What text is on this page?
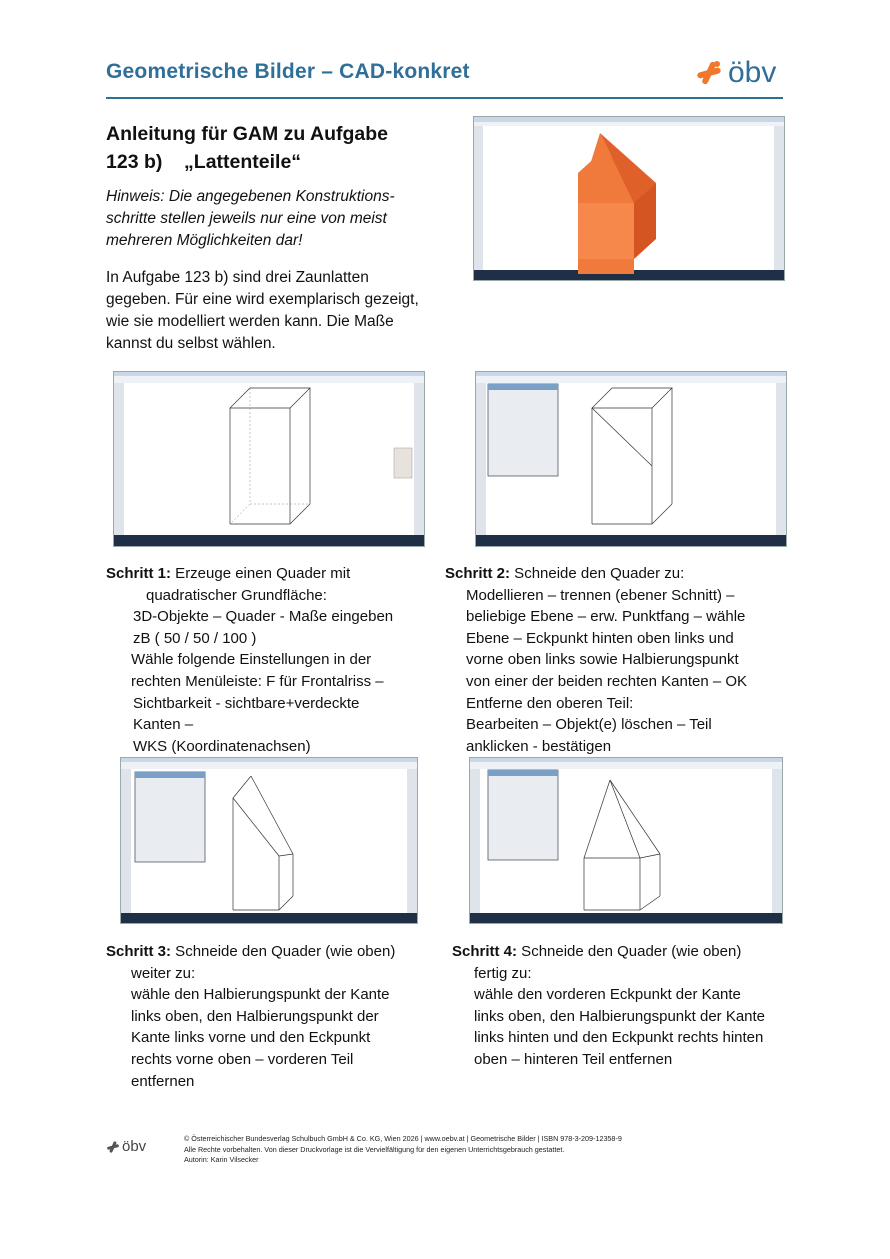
Geometrische Bilder – CAD-konkret	öbv
Anleitung für GAM zu Aufgabe
123 b)    „Lattenteile“
Hinweis: Die angegebenen Konstruktions-
schritte stellen jeweils nur eine von meist
mehreren Möglichkeiten dar!
In Aufgabe 123 b) sind drei Zaunlatten
gegeben. Für eine wird exemplarisch gezeigt,
wie sie modelliert werden kann. Die Maße
kannst du selbst wählen.
Schritt 1: Erzeuge einen Quader mit
quadratischer Grundfläche:
3D-Objekte – Quader - Maße eingeben
zB ( 50 / 50 / 100 )
Wähle folgende Einstellungen in der
rechten Menüleiste: F für Frontalriss –
Sichtbarkeit - sichtbare+verdeckte
Kanten –
WKS (Koordinatenachsen)
Schritt 2: Schneide den Quader zu:
Modellieren – trennen (ebener Schnitt) –
beliebige Ebene – erw. Punktfang – wähle
Ebene – Eckpunkt hinten oben links und
vorne oben links sowie Halbierungspunkt
von einer der beiden rechten Kanten – OK
Entferne den oberen Teil:
Bearbeiten – Objekt(e) löschen – Teil
anklicken - bestätigen
Schritt 3: Schneide den Quader (wie oben)
weiter zu:
wähle den Halbierungspunkt der Kante
links oben, den Halbierungspunkt der
Kante links vorne und den Eckpunkt
rechts vorne oben – vorderen Teil
entfernen
Schritt 4: Schneide den Quader (wie oben)
fertig zu:
wähle den vorderen Eckpunkt der Kante
links oben, den Halbierungspunkt der Kante
links hinten und den Eckpunkt rechts hinten
oben – hinteren Teil entfernen
öbv	© Österreichischer Bundesverlag Schulbuch GmbH & Co. KG, Wien 2026 | www.oebv.at | Geometrische Bilder | ISBN 978-3-209-12358-9
Alle Rechte vorbehalten. Von dieser Druckvorlage ist die Vervielfältigung für den eigenen Unterrichtsgebrauch gestattet.
Autorin: Karin Vilsecker
